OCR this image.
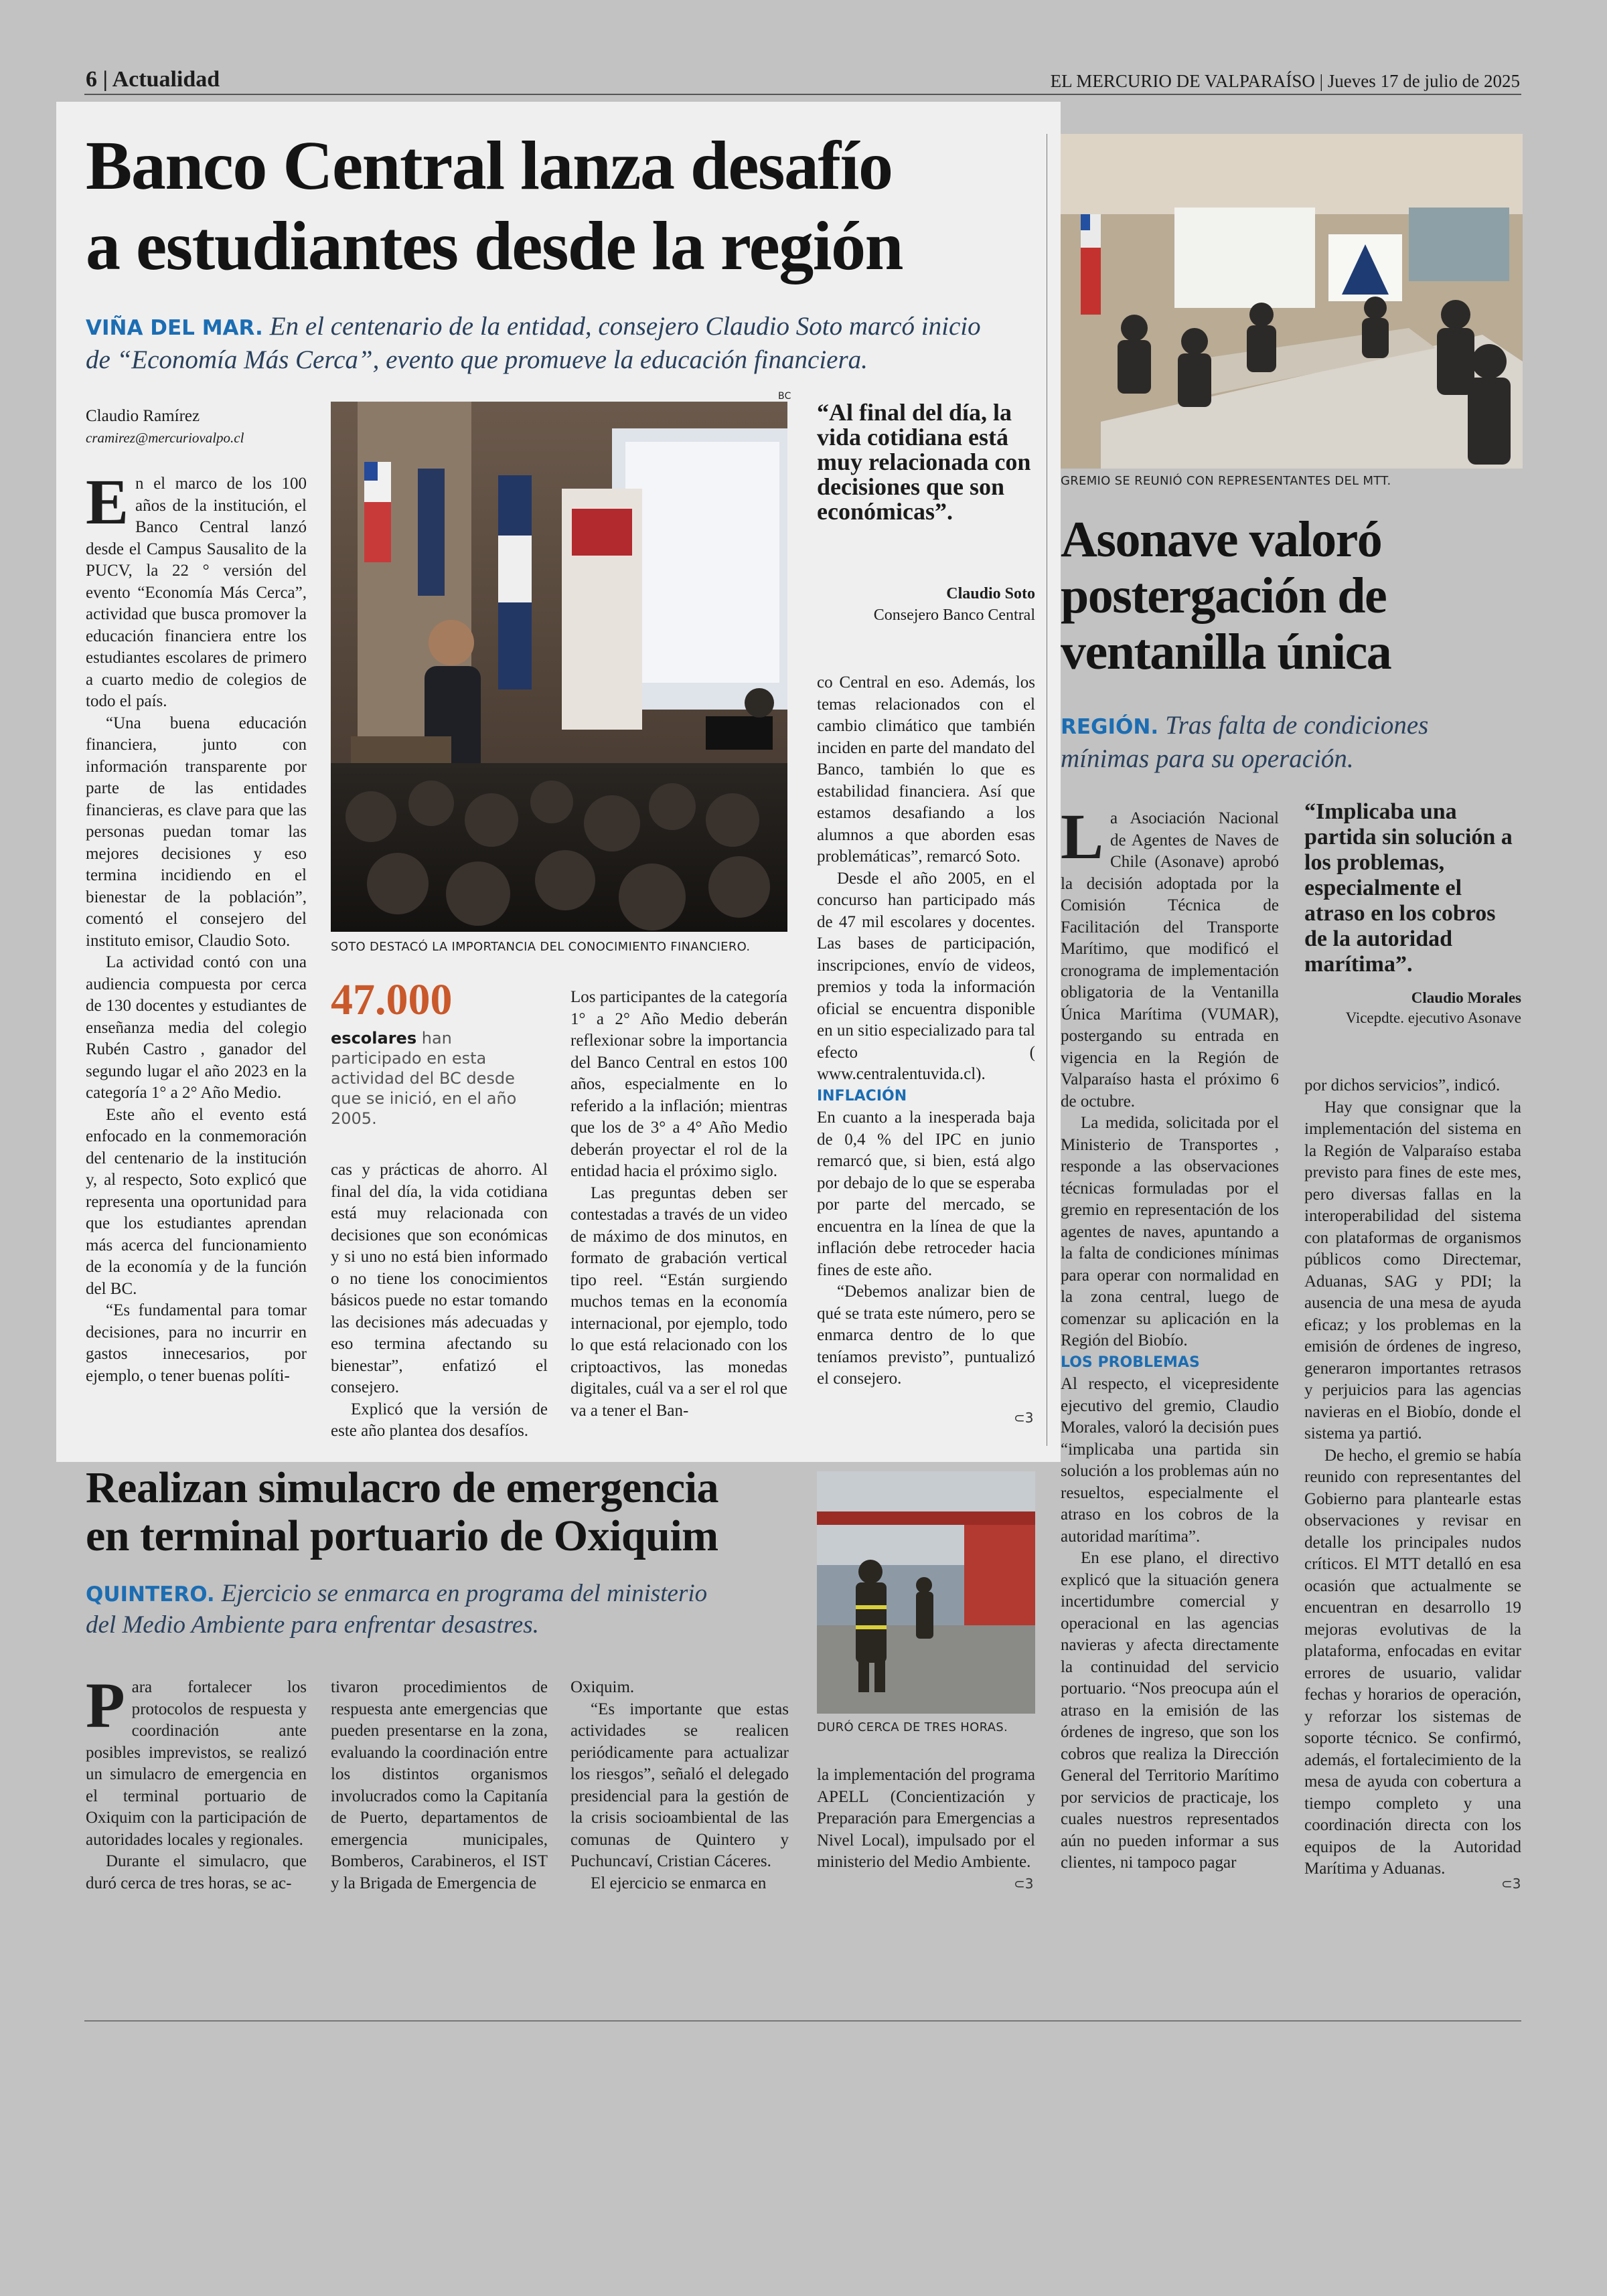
6 | Actualidad	EL MERCURIO DE VALPARAÍSO | Jueves 17 de julio de 2025
Banco Central lanza desafío
a estudiantes desde la región
VIÑA DEL MAR. En el centenario de la entidad, consejero Claudio Soto marcó inicio
de “Economía Más Cerca”, evento que promueve la educación financiera.
Claudio Ramírez
cramirez@mercuriovalpo.cl
BC
SOTO DESTACÓ LA IMPORTANCIA DEL CONOCIMIENTO FINANCIERO.

En el marco de los 100 años de la institución, el Banco Central lanzó desde el Campus Sausalito de la PUCV, la 22 ° versión del evento “Economía Más Cerca”, actividad que busca promover la educación financiera entre los estudiantes escolares de primero a cuarto medio de colegios de todo el país.

“Una buena educación financiera, junto con información transparente por parte de las entidades financieras, es clave para que las personas puedan tomar las mejores decisiones y eso termina incidiendo en el bienestar de la población”, comentó el consejero del instituto emisor, Claudio Soto.

La actividad contó con una audiencia compuesta por cerca de 130 docentes y estudiantes de enseñanza media del colegio Rubén Castro , ganador del segundo lugar el año 2023 en la categoría 1° a 2° Año Medio.

Este año el evento está enfocado en la conmemoración del centenario de la institución y, al respecto, Soto explicó que representa una oportunidad para que los estudiantes aprendan más acerca del funcionamiento de la economía y de la función del BC.

“Es fundamental para tomar decisiones, para no incurrir en gastos innecesarios, por ejemplo, o tener buenas políti-

47.000
escolares han participado en esta actividad del BC desde que se inició, en el año 2005.

cas y prácticas de ahorro. Al final del día, la vida cotidiana está muy relacionada con decisiones que son económicas y si uno no está bien informado o no tiene los conocimientos básicos puede no estar tomando las decisiones más adecuadas y eso termina afectando su bienestar”, enfatizó el consejero.

Explicó que la versión de este año plantea dos desafíos.

Los participantes de la categoría 1° a 2° Año Medio deberán reflexionar sobre la importancia del Banco Central en estos 100 años, especialmente en lo referido a la inflación; mientras que los de 3° a 4° Año Medio deberán proyectar el rol de la entidad hacia el próximo siglo.

Las preguntas deben ser contestadas a través de un video de máximo de dos minutos, en formato de grabación vertical tipo reel. “Están surgiendo muchos temas en la economía internacional, por ejemplo, todo lo que está relacionado con los criptoactivos, las monedas digitales, cuál va a ser el rol que va a tener el Ban-

“Al final del día, la vida cotidiana está muy relacionada con decisiones que son económicas”.
Claudio Soto
Consejero Banco Central

co Central en eso. Además, los temas relacionados con el cambio climático que también inciden en parte del mandato del Banco, también lo que es estabilidad financiera. Así que estamos desafiando a los alumnos a que aborden esas problemáticas”, remarcó Soto.

Desde el año 2005, en el concurso han participado más de 47 mil escolares y docentes. Las bases de participación, inscripciones, envío de videos, premios y toda la información oficial se encuentra disponible en un sitio especializado para tal efecto ( www.centralentuvida.cl).

INFLACIÓN

En cuanto a la inesperada baja de 0,4 % del IPC en junio remarcó que, si bien, está algo por debajo de lo que se esperaba por parte del mercado, se encuentra en la línea de que la inflación debe retroceder hacia fines de este año.

“Debemos analizar bien de qué se trata este número, pero se enmarca dentro de lo que teníamos previsto”, puntualizó el consejero.

⊂3
GREMIO SE REUNIÓ CON REPRESENTANTES DEL MTT.
Asonave valoró
postergación de
ventanilla única
REGIÓN. Tras falta de condiciones
mínimas para su operación.

La Asociación Nacional de Agentes de Naves de Chile (Asonave) aprobó la decisión adoptada por la Comisión Técnica de Facilitación del Transporte Marítimo, que modificó el cronograma de implementación obligatoria de la Ventanilla Única Marítima (VUMAR), postergando su entrada en vigencia en la Región de Valparaíso hasta el próximo 6 de octubre.

La medida, solicitada por el Ministerio de Transportes , responde a las observaciones técnicas formuladas por el gremio en representación de los agentes de naves, apuntando a la falta de condiciones mínimas para operar con normalidad en la zona central, luego de comenzar su aplicación en la Región del Biobío.

LOS PROBLEMAS

Al respecto, el vicepresidente ejecutivo del gremio, Claudio Morales, valoró la decisión pues “implicaba una partida sin solución a los problemas aún no resueltos, especialmente el atraso en los cobros de la autoridad marítima”.

En ese plano, el directivo explicó que la situación genera incertidumbre comercial y operacional en las agencias navieras y afecta directamente la continuidad del servicio portuario. “Nos preocupa aún el atraso en la emisión de las órdenes de ingreso, que son los cobros que realiza la Dirección General del Territorio Marítimo por servicios de practicaje, los cuales nuestros representados aún no pueden informar a sus clientes, ni tampoco pagar

“Implicaba una partida sin solución a los problemas, especialmente el atraso en los cobros de la autoridad marítima”.
Claudio Morales
Vicepdte. ejecutivo Asonave

por dichos servicios”, indicó.

Hay que consignar que la implementación del sistema en la Región de Valparaíso estaba previsto para fines de este mes, pero diversas fallas en la interoperabilidad del sistema con plataformas de organismos públicos como Directemar, Aduanas, SAG y PDI; la ausencia de una mesa de ayuda eficaz; y los problemas en la emisión de órdenes de ingreso, generaron importantes retrasos y perjuicios para las agencias navieras en el Biobío, donde el sistema ya partió.

De hecho, el gremio se había reunido con representantes del Gobierno para plantearle estas observaciones y revisar en detalle los principales nudos críticos. El MTT detalló en esa ocasión que actualmente se encuentran en desarrollo 19 mejoras evolutivas de la plataforma, enfocadas en evitar errores de usuario, validar fechas y horarios de operación, y reforzar los sistemas de soporte técnico. Se confirmó, además, el fortalecimiento de la mesa de ayuda con cobertura a tiempo completo y una coordinación directa con los equipos de la Autoridad Marítima y Aduanas.

⊂3
Realizan simulacro de emergencia
en terminal portuario de Oxiquim
QUINTERO. Ejercicio se enmarca en programa del ministerio
del Medio Ambiente para enfrentar desastres.

Para fortalecer los protocolos de respuesta y coordinación ante posibles imprevistos, se realizó un simulacro de emergencia en el terminal portuario de Oxiquim con la participación de autoridades locales y regionales.

Durante el simulacro, que duró cerca de tres horas, se ac-

tivaron procedimientos de respuesta ante emergencias que pueden presentarse en la zona, evaluando la coordinación entre los distintos organismos involucrados como la Capitanía de Puerto, departamentos de emergencia municipales, Bomberos, Carabineros, el IST y la Brigada de Emergencia de

Oxiquim.

“Es importante que estas actividades se realicen periódicamente para actualizar los riesgos”, señaló el delegado presidencial para la gestión de la crisis socioambiental de las comunas de Quintero y Puchuncaví, Cristian Cáceres.

El ejercicio se enmarca en

DURÓ CERCA DE TRES HORAS.

la implementación del programa APELL (Concientización y Preparación para Emergencias a Nivel Local), impulsado por el ministerio del Medio Ambiente.

⊂3
